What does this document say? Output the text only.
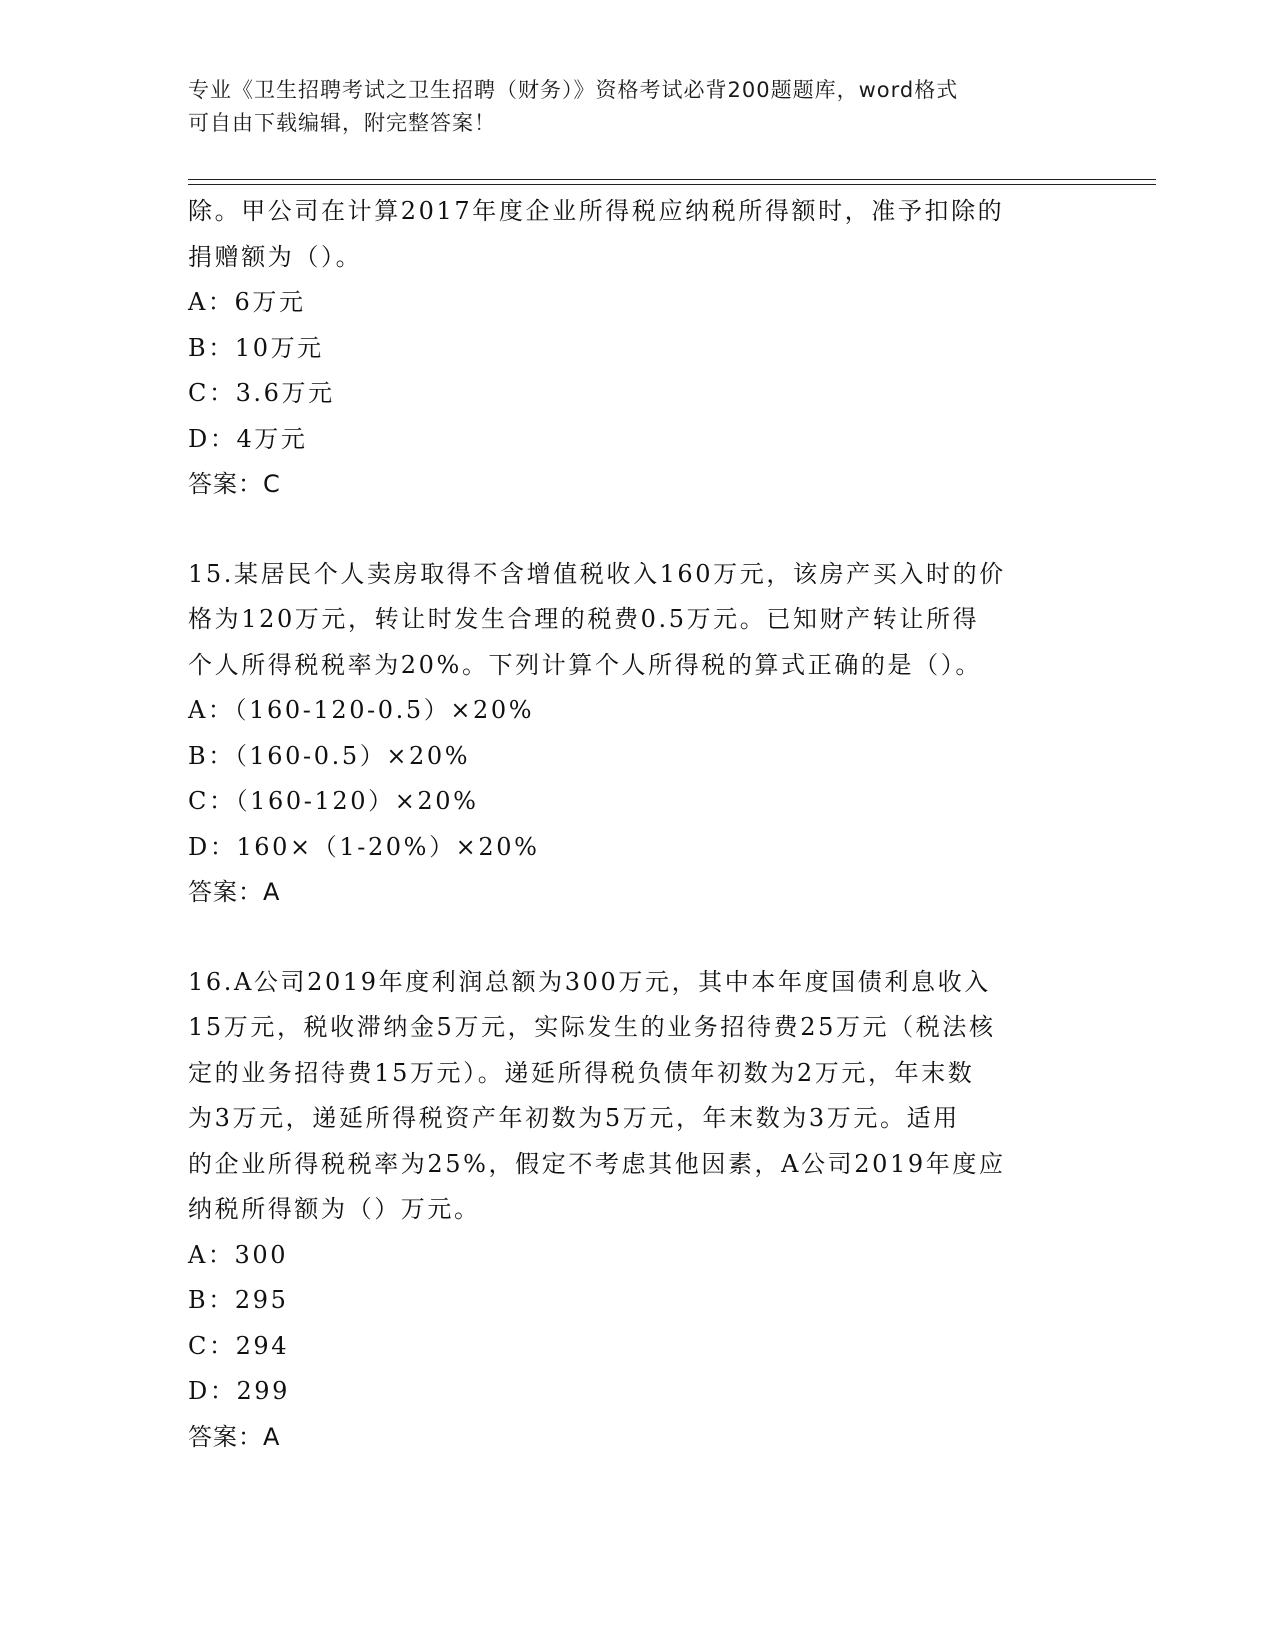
专业《卫生招聘考试之卫生招聘（财务）》资格考试必背200题题库，word格式
可自由下载编辑，附完整答案！
除。甲公司在计算2017年度企业所得税应纳税所得额时，准予扣除的
捐赠额为（）。
A：6万元
B：10万元
C：3.6万元
D：4万元
答案：C
15.某居民个人卖房取得不含增值税收入160万元，该房产买入时的价
格为120万元，转让时发生合理的税费0.5万元。已知财产转让所得
个人所得税税率为20%。下列计算个人所得税的算式正确的是（）。
A：（160-120-0.5）×20%
B：（160-0.5）×20%
C：（160-120）×20%
D：160×（1-20%）×20%
答案：A
16.A公司2019年度利润总额为300万元，其中本年度国债利息收入
15万元，税收滞纳金5万元，实际发生的业务招待费25万元（税法核
定的业务招待费15万元）。递延所得税负债年初数为2万元，年末数
为3万元，递延所得税资产年初数为5万元，年末数为3万元。适用
的企业所得税税率为25%，假定不考虑其他因素，A公司2019年度应
纳税所得额为（）万元。
A：300
B：295
C：294
D：299
答案：A
